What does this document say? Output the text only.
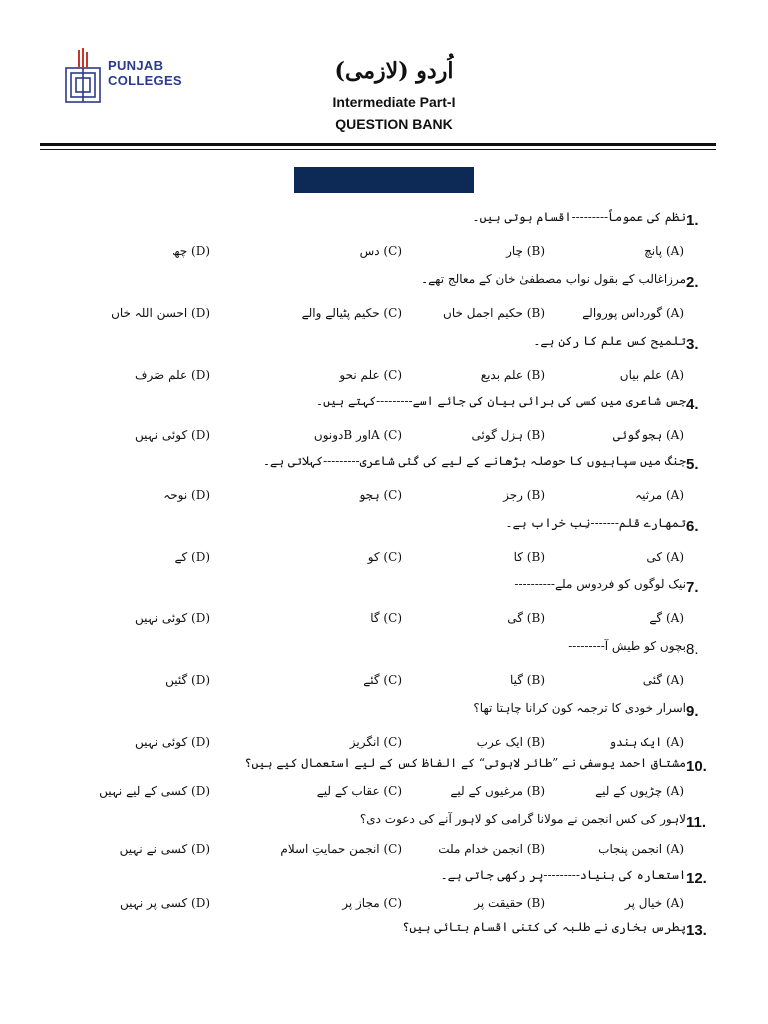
PUNJAB
COLLEGES	اُردو (لازمی)
Intermediate Part-I
QUESTION BANK
1.
نظم کی عموماً---------اقسام ہوتی ہیں۔
(A) پانچ
(B) چار
(C) دس
(D) چھ
2.
مرزاغالب کے بقول نواب مصطفیٰ خان کے معالج تھے۔
(A) گورداس پوروالے
(B) حکیم اجمل خاں
(C) حکیم پٹیالے والے
(D) احسن اللہ خاں
3.
تلمیح کس علم کا رکن ہے۔
(A) علم بیاں
(B) علم بدیع
(C) علم نحو
(D) علم صَرف
4.
جس شاعری میں کسی کی برائی بیان کی جائے اسے---------کہتے ہیں۔
(A) ہجوگوئی
(B) ہزل گوئی
(C) Aاور Bدونوں
(D) کوئی نہیں
5.
جنگ میں سپاہیوں کا حوصلہ بڑھانے کے لیے کی گئی شاعری---------کہلاتی ہے۔
(A) مرثیہ
(B) رجز
(C) ہجو
(D) نوحہ
6.
تمھارے قلم-------نِب خراب ہے۔
(A) کی
(B) کا
(C) کو
(D) کے
7.
نیک لوگوں کو فردوس ملے----------
(A) گے
(B) گی
(C) گا
(D) کوئی نہیں
8.
بچوں کو طیش آ---------
(A) گئی
(B) گیا
(C) گئے
(D) گئیں
9.
اسرار خودی کا ترجمہ کون کرانا چاہتا تھا؟
(A) ایک ہندو
(B) ایک عرب
(C) انگریز
(D) کوئی نہیں
10.
مشتاق احمد یوسفی نے ”طائر لاہوتی“ کے الفاظ کس کے لیے استعمال کیے ہیں؟
(A) چڑیوں کے لیے
(B) مرغیوں کے لیے
(C) عقاب کے لیے
(D) کسی کے لیے نہیں
11.
لاہور کی کس انجمن نے مولانا گرامی کو لاہور آنے کی دعوت دی؟
(A) انجمن پنجاب
(B) انجمن خدام ملت
(C) انجمن حمایتِ اسلام
(D) کسی نے نہیں
12.
استعارہ کی بنیاد---------پر رکھی جاتی ہے۔
(A) خیال پر
(B) حقیقت پر
(C) مجاز پر
(D) کسی پر نہیں
13.
پطرس بخاری نے طلبہ کی کتنی اقسام بتائی ہیں؟
